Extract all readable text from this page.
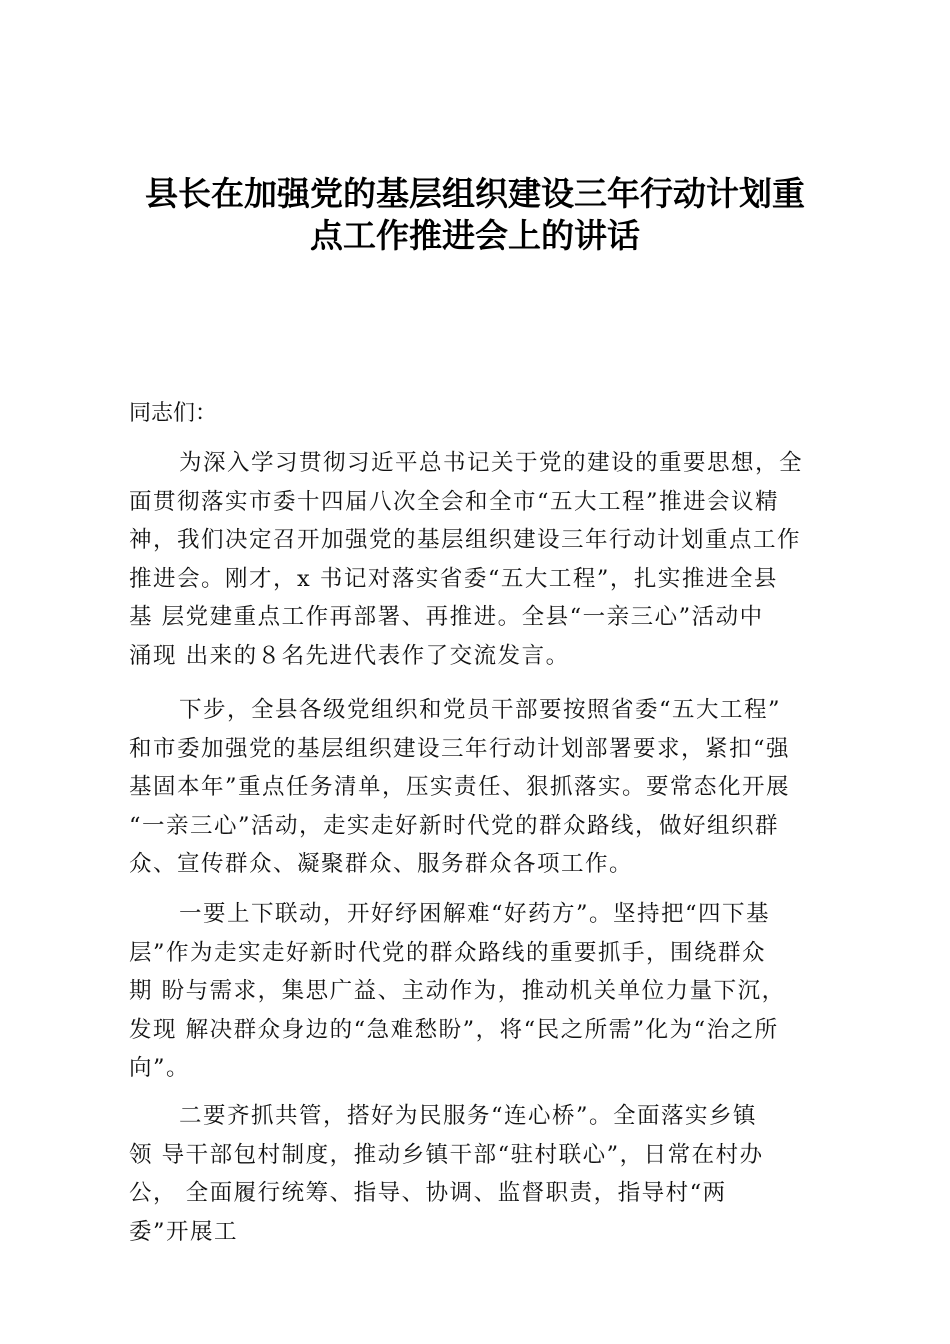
县长在加强党的基层组织建设三年行动计划重
点工作推进会上的讲话

同志们：

为深入学习贯彻习近平总书记关于党的建设的重要思想，全
面贯彻落实市委十四届八次全会和全市“五大工程”推进会议精
神，我们决定召开加强党的基层组织建设三年行动计划重点工作
推进会。刚才，x 书记对落实省委“五大工程”，扎实推进全县
基 层党建重点工作再部署、再推进。全县“一亲三心”活动中
涌现 出来的８名先进代表作了交流发言。
下步，全县各级党组织和党员干部要按照省委“五大工程”
和市委加强党的基层组织建设三年行动计划部署要求，紧扣“强
基固本年”重点任务清单，压实责任、狠抓落实。要常态化开展
“一亲三心”活动，走实走好新时代党的群众路线，做好组织群
众、宣传群众、凝聚群众、服务群众各项工作。
一要上下联动，开好纾困解难“好药方”。坚持把“四下基
层”作为走实走好新时代党的群众路线的重要抓手，围绕群众
期 盼与需求，集思广益、主动作为，推动机关单位力量下沉，
发现 解决群众身边的“急难愁盼”，将“民之所需”化为“治之所
向”。
二要齐抓共管，搭好为民服务“连心桥”。全面落实乡镇
领 导干部包村制度，推动乡镇干部“驻村联心”，日常在村办
公， 全面履行统筹、指导、协调、监督职责，指导村“两
委”开展工
